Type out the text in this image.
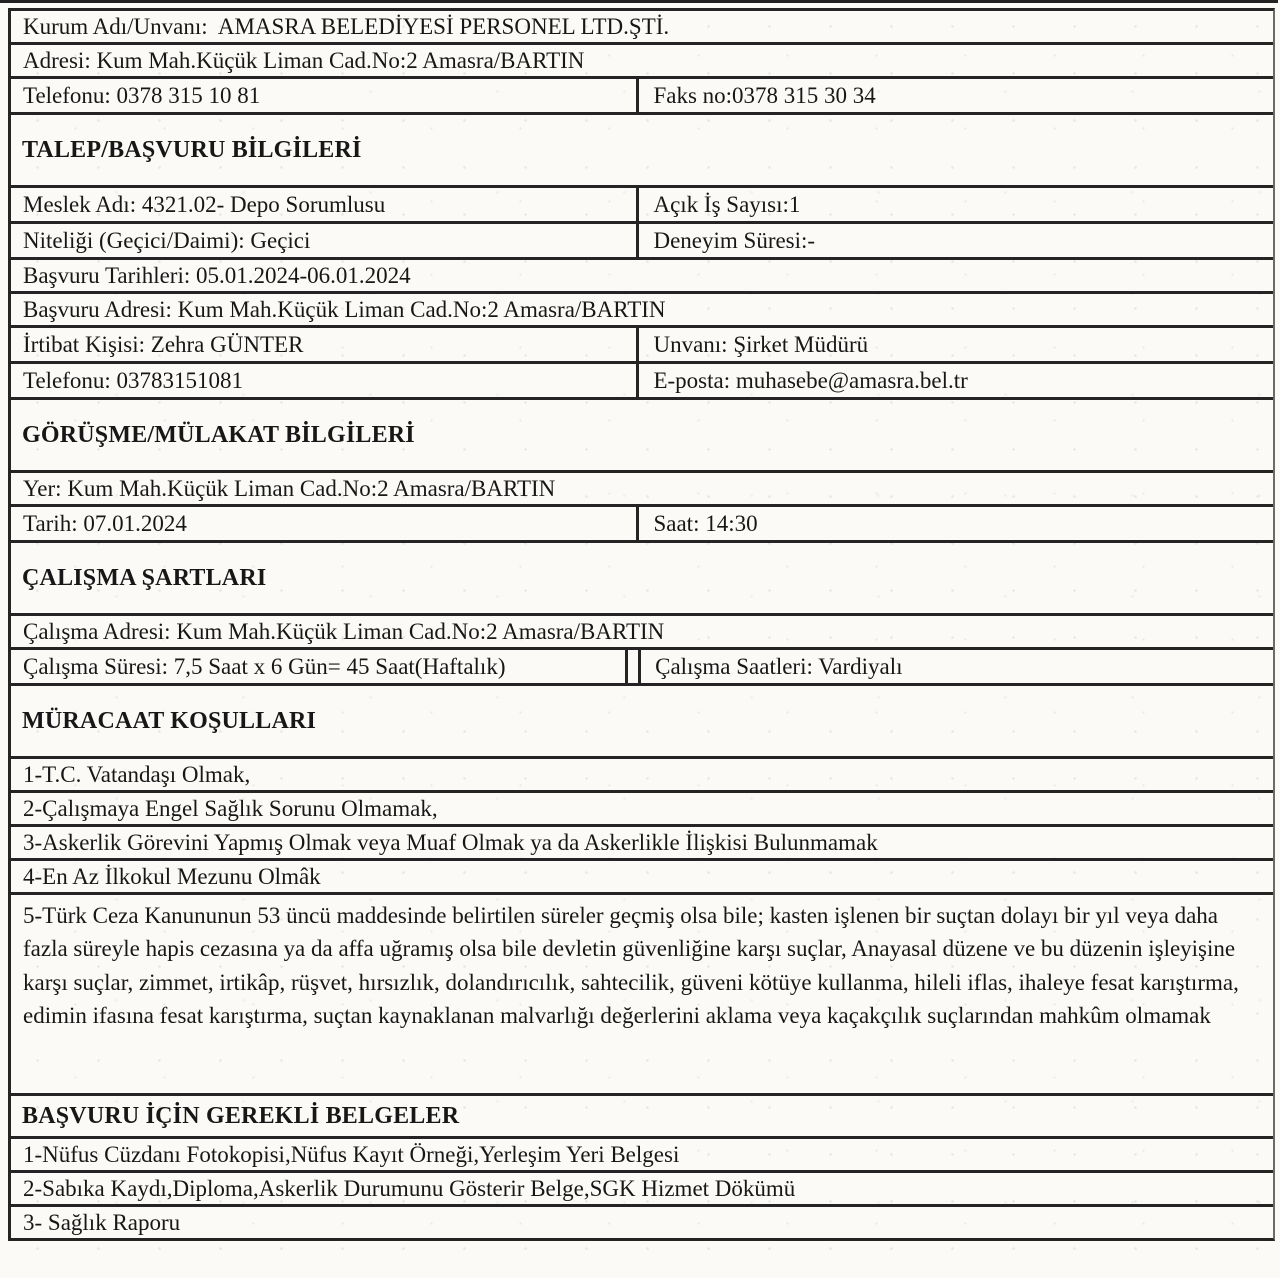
Kurum Adı/Unvanı:  AMASRA BELEDİYESİ PERSONEL LTD.ŞTİ.
Adresi: Kum Mah.Küçük Liman Cad.No:2 Amasra/BARTIN
Telefonu: 0378 315 10 81	Faks no:0378 315 30 34
TALEP/BAŞVURU BİLGİLERİ
Meslek Adı: 4321.02- Depo Sorumlusu	Açık İş Sayısı:1
Niteliği (Geçici/Daimi): Geçici	Deneyim Süresi:-
Başvuru Tarihleri: 05.01.2024-06.01.2024
Başvuru Adresi: Kum Mah.Küçük Liman Cad.No:2 Amasra/BARTIN
İrtibat Kişisi: Zehra GÜNTER	Unvanı: Şirket Müdürü
Telefonu: 03783151081	E-posta: muhasebe@amasra.bel.tr
GÖRÜŞME/MÜLAKAT BİLGİLERİ
Yer: Kum Mah.Küçük Liman Cad.No:2 Amasra/BARTIN
Tarih: 07.01.2024	Saat: 14:30
ÇALIŞMA ŞARTLARI
Çalışma Adresi: Kum Mah.Küçük Liman Cad.No:2 Amasra/BARTIN
Çalışma Süresi: 7,5 Saat x 6 Gün= 45 Saat(Haftalık)	Çalışma Saatleri: Vardiyalı
MÜRACAAT KOŞULLARI
1-T.C. Vatandaşı Olmak,
2-Çalışmaya Engel Sağlık Sorunu Olmamak,
3-Askerlik Görevini Yapmış Olmak veya Muaf Olmak ya da Askerlikle İlişkisi Bulunmamak
4-En Az İlkokul Mezunu Olmâk
5-Türk Ceza Kanununun 53 üncü maddesinde belirtilen süreler geçmiş olsa bile; kasten işlenen bir suçtan dolayı bir yıl veya daha fazla süreyle hapis cezasına ya da affa uğramış olsa bile devletin güvenliğine karşı suçlar, Anayasal düzene ve bu düzenin işleyişine karşı suçlar, zimmet, irtikâp, rüşvet, hırsızlık, dolandırıcılık, sahtecilik, güveni kötüye kullanma, hileli iflas, ihaleye fesat karıştırma, edimin ifasına fesat karıştırma, suçtan kaynaklanan malvarlığı değerlerini aklama veya kaçakçılık suçlarından mahkûm olmamak
BAŞVURU İÇİN GEREKLİ BELGELER
1-Nüfus Cüzdanı Fotokopisi,Nüfus Kayıt Örneği,Yerleşim Yeri Belgesi
2-Sabıka Kaydı,Diploma,Askerlik Durumunu Gösterir Belge,SGK Hizmet Dökümü
3- Sağlık Raporu
